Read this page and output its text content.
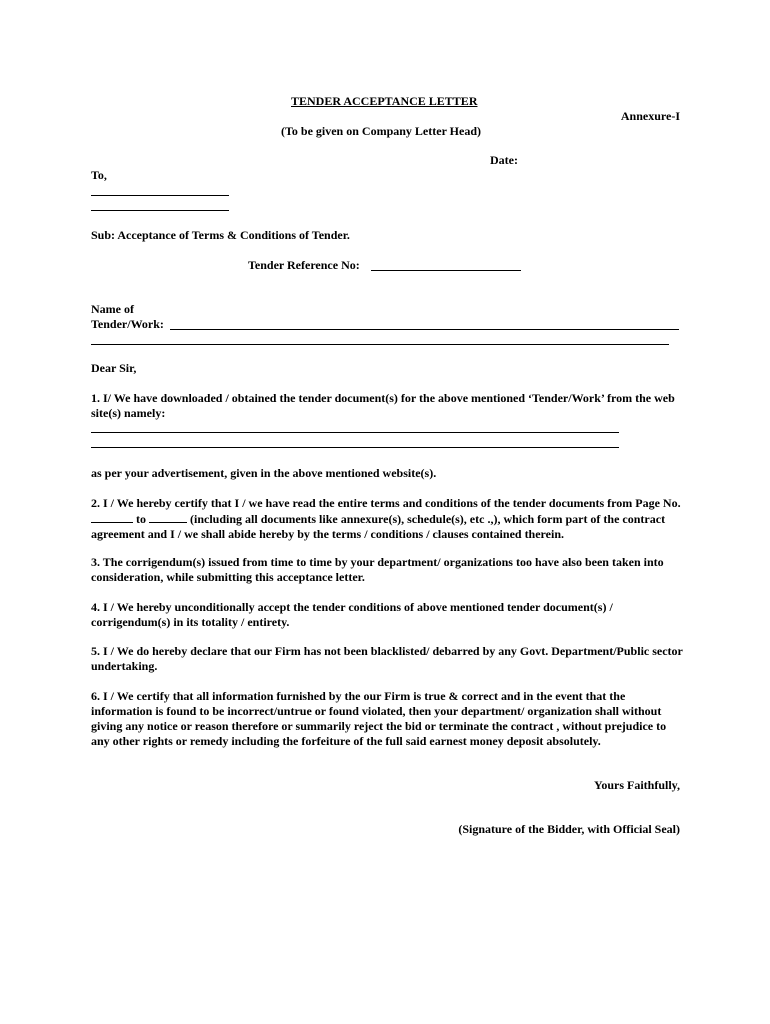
TENDER ACCEPTANCE LETTER
Annexure-I
(To be given on Company Letter Head)
Date:
To,
Sub: Acceptance of Terms & Conditions of Tender.
Tender Reference No:
Name of
Tender/Work:
Dear Sir,
1. I/ We have downloaded / obtained the tender document(s) for the above mentioned ‘Tender/Work’ from the web site(s) namely:
as per your advertisement, given in the above mentioned website(s).
2. I / We hereby certify that I / we have read the entire terms and conditions of the tender documents from Page No.  to	(including all documents like annexure(s), schedule(s), etc .,), which form part of the contract agreement and I / we shall abide hereby by the terms / conditions / clauses contained therein.
3. The corrigendum(s) issued from time to time by your department/ organizations too have also been taken into consideration, while submitting this acceptance letter.
4. I / We hereby unconditionally accept the tender conditions of above mentioned tender document(s) / corrigendum(s) in its totality / entirety.
5. I / We do hereby declare that our Firm has not been blacklisted/ debarred by any Govt. Department/Public sector undertaking.
6. I / We certify that all information furnished by the our Firm is true & correct and in the event that the information is found to be incorrect/untrue or found violated, then your department/ organization shall without giving any notice or reason therefore or summarily reject the bid or terminate the contract , without prejudice to any other rights or remedy including the forfeiture of the full said earnest money deposit absolutely.
Yours Faithfully,
(Signature of the Bidder, with Official Seal)
